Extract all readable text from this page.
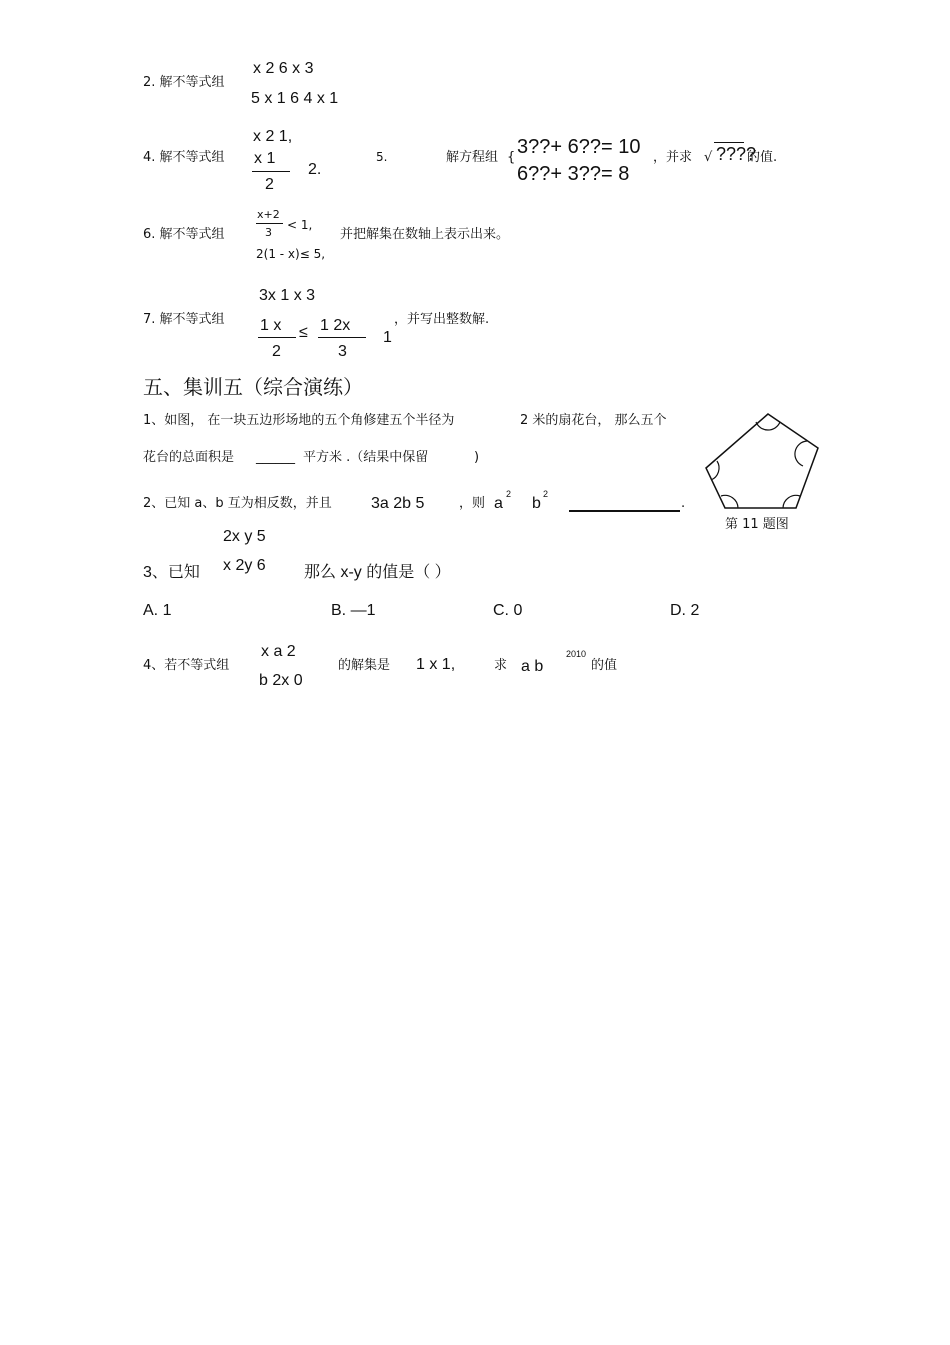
2. 解不等式组
x 2 6 x 3
5 x 1 6 4 x 1
4. 解不等式组
x 2 1,
x 1
2
2.
5.	解方程组 { 3??+ 6??= 10
6??+ 3??= 8
，并求 √ ????
的值.
6. 解不等式组
x+2
3
< 1,
2(1 - x)≤ 5,
并把解集在数轴上表示出来。
7. 解不等式组
3x 1 x 3
1 x
2
≤ 1 2x
3
1
，并写出整数解.
五、集训五（综合演练）
1、如图， 在一块五边形场地的五个角修建五个半径为	2 米的扇花台， 那么五个
花台的总面积是 ______ 平方米 .（结果中保留	)
第 11 题图
2、已知 a、b 互为相反数，并且 3a 2b 5	，则 a
2
b
2
.
2x y 5
3、已知 x 2y 6 那么 x-y 的值是（ ）
A. 1	B. —1	C. 0	D. 2
4、若不等式组
x a 2
b 2x 0
的解集是 1 x 1,	求 a b
2010
的值
